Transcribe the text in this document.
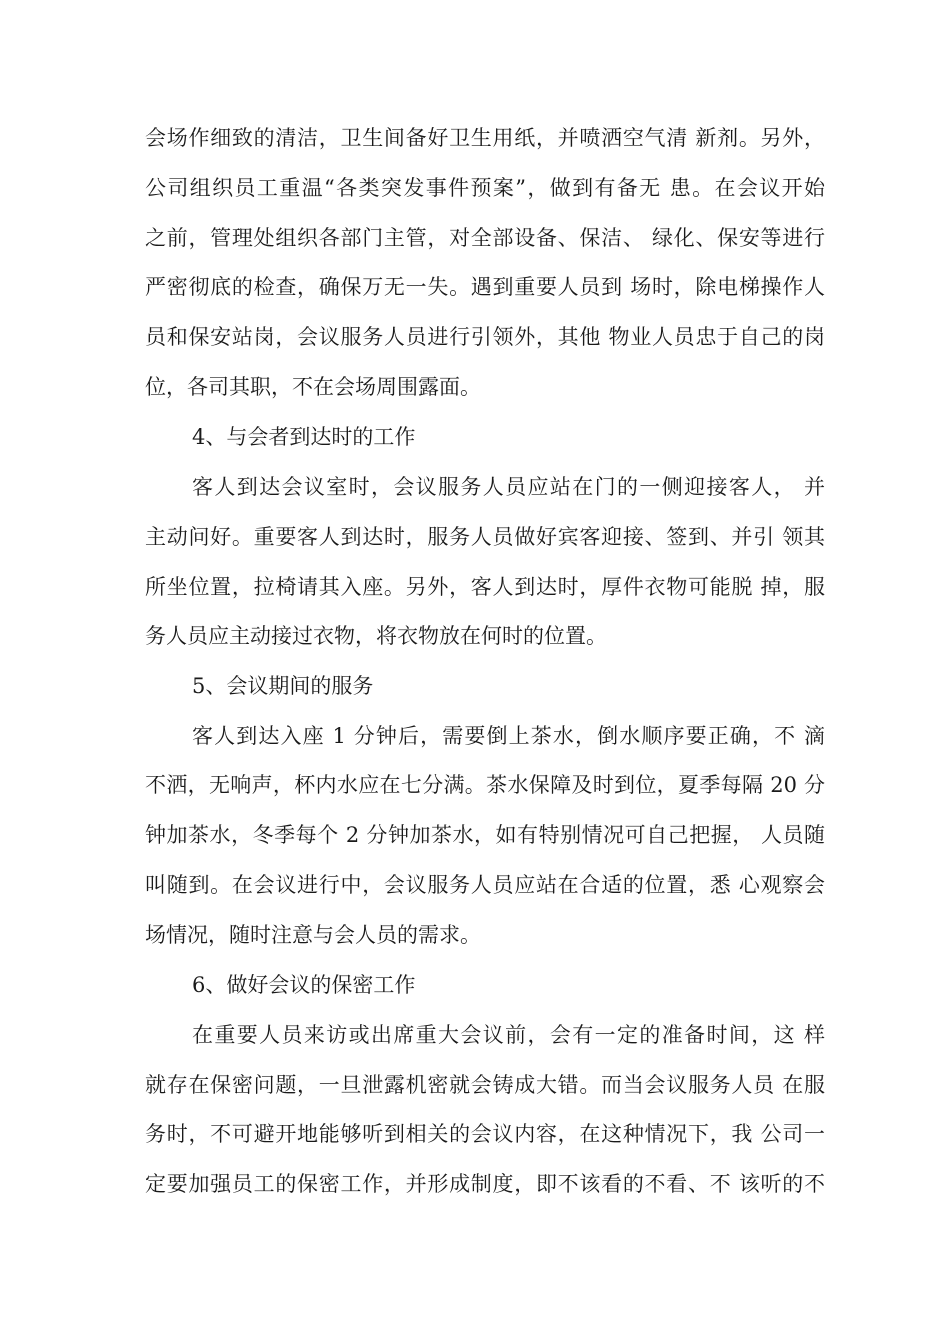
会场作细致的清洁，卫生间备好卫生用纸，并喷洒空气清 新剂。另外，
公司组织员工重温“各类突发事件预案”，做到有备无 患。在会议开始
之前，管理处组织各部门主管，对全部设备、保洁、 绿化、保安等进行
严密彻底的检查，确保万无一失。遇到重要人员到 场时，除电梯操作人
员和保安站岗，会议服务人员进行引领外，其他 物业人员忠于自己的岗
位，各司其职，不在会场周围露面。
4、与会者到达时的工作
客人到达会议室时，会议服务人员应站在门的一侧迎接客人， 并
主动问好。重要客人到达时，服务人员做好宾客迎接、签到、并引 领其
所坐位置，拉椅请其入座。另外，客人到达时，厚件衣物可能脱 掉，服
务人员应主动接过衣物，将衣物放在何时的位置。
5、会议期间的服务
客人到达入座 1 分钟后，需要倒上茶水，倒水顺序要正确，不 滴
不洒，无响声，杯内水应在七分满。茶水保障及时到位，夏季每隔 20 分
钟加茶水，冬季每个 2 分钟加茶水，如有特别情况可自己把握， 人员随
叫随到。在会议进行中，会议服务人员应站在合适的位置，悉 心观察会
场情况，随时注意与会人员的需求。
6、做好会议的保密工作
在重要人员来访或出席重大会议前，会有一定的准备时间，这 样
就存在保密问题，一旦泄露机密就会铸成大错。而当会议服务人员 在服
务时，不可避开地能够听到相关的会议内容，在这种情况下，我 公司一
定要加强员工的保密工作，并形成制度，即不该看的不看、不 该听的不
